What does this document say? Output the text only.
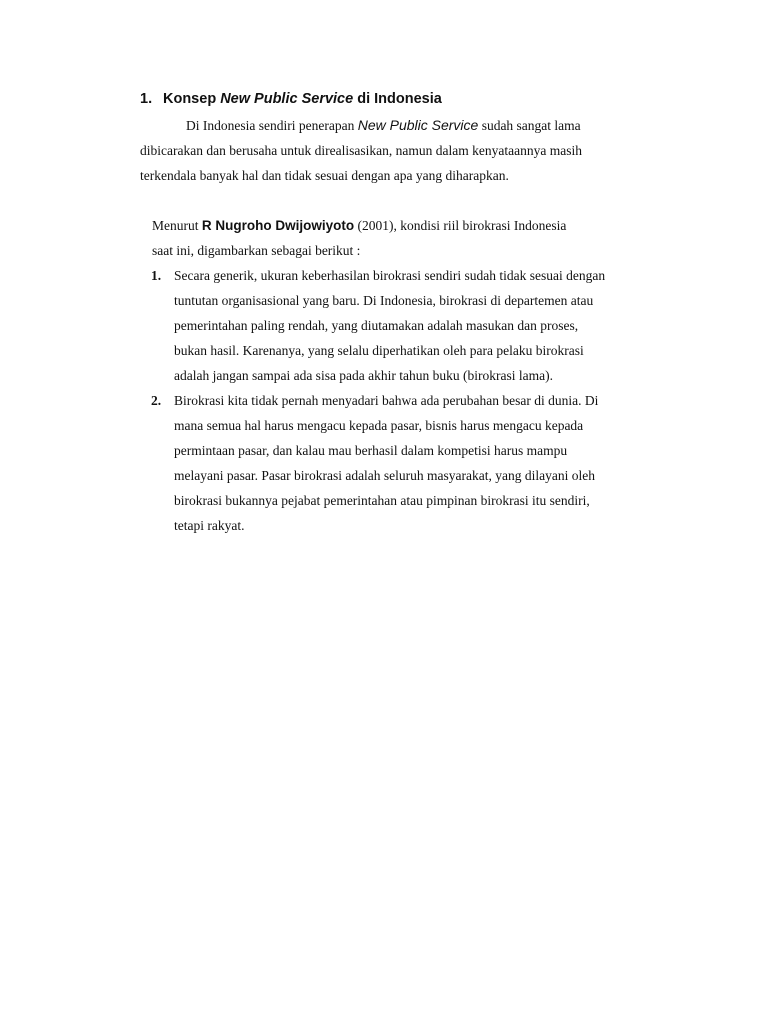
1. Konsep New Public Service di Indonesia
Di Indonesia sendiri penerapan New Public Service sudah sangat lama
dibicarakan dan berusaha untuk direalisasikan, namun dalam kenyataannya masih
terkendala banyak hal dan tidak sesuai dengan apa yang diharapkan.
Menurut R Nugroho Dwijowiyoto (2001), kondisi riil birokrasi Indonesia
saat ini, digambarkan sebagai berikut :
1. Secara generik, ukuran keberhasilan birokrasi sendiri sudah tidak sesuai dengan
tuntutan organisasional yang baru. Di Indonesia, birokrasi di departemen atau
pemerintahan paling rendah, yang diutamakan adalah masukan dan proses,
bukan hasil. Karenanya, yang selalu diperhatikan oleh para pelaku birokrasi
adalah jangan sampai ada sisa pada akhir tahun buku (birokrasi lama).
2. Birokrasi kita tidak pernah menyadari bahwa ada perubahan besar di dunia. Di
mana semua hal harus mengacu kepada pasar, bisnis harus mengacu kepada
permintaan pasar, dan kalau mau berhasil dalam kompetisi harus mampu
melayani pasar. Pasar birokrasi adalah seluruh masyarakat, yang dilayani oleh
birokrasi bukannya pejabat pemerintahan atau pimpinan birokrasi itu sendiri,
tetapi rakyat.
